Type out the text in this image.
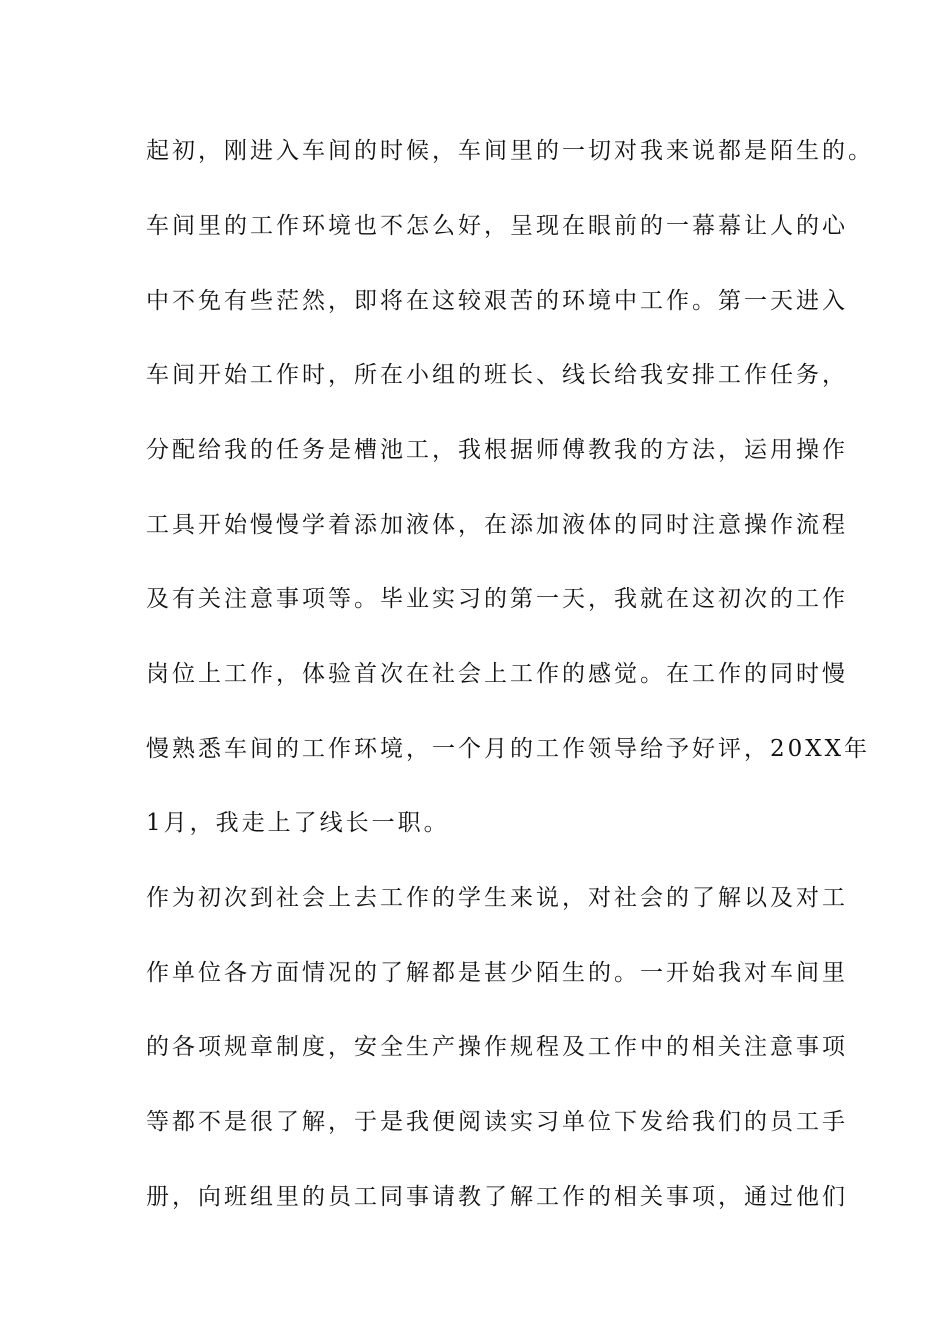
起初，刚进入车间的时候，车间里的一切对我来说都是陌生的。
车间里的工作环境也不怎么好，呈现在眼前的一幕幕让人的心
中不免有些茫然，即将在这较艰苦的环境中工作。第一天进入
车间开始工作时，所在小组的班长、线长给我安排工作任务，
分配给我的任务是槽池工，我根据师傅教我的方法，运用操作
工具开始慢慢学着添加液体，在添加液体的同时注意操作流程
及有关注意事项等。毕业实习的第一天，我就在这初次的工作
岗位上工作，体验首次在社会上工作的感觉。在工作的同时慢
慢熟悉车间的工作环境，一个月的工作领导给予好评，20XX年
1月，我走上了线长一职。
作为初次到社会上去工作的学生来说，对社会的了解以及对工
作单位各方面情况的了解都是甚少陌生的。一开始我对车间里
的各项规章制度，安全生产操作规程及工作中的相关注意事项
等都不是很了解，于是我便阅读实习单位下发给我们的员工手
册，向班组里的员工同事请教了解工作的相关事项，通过他们
